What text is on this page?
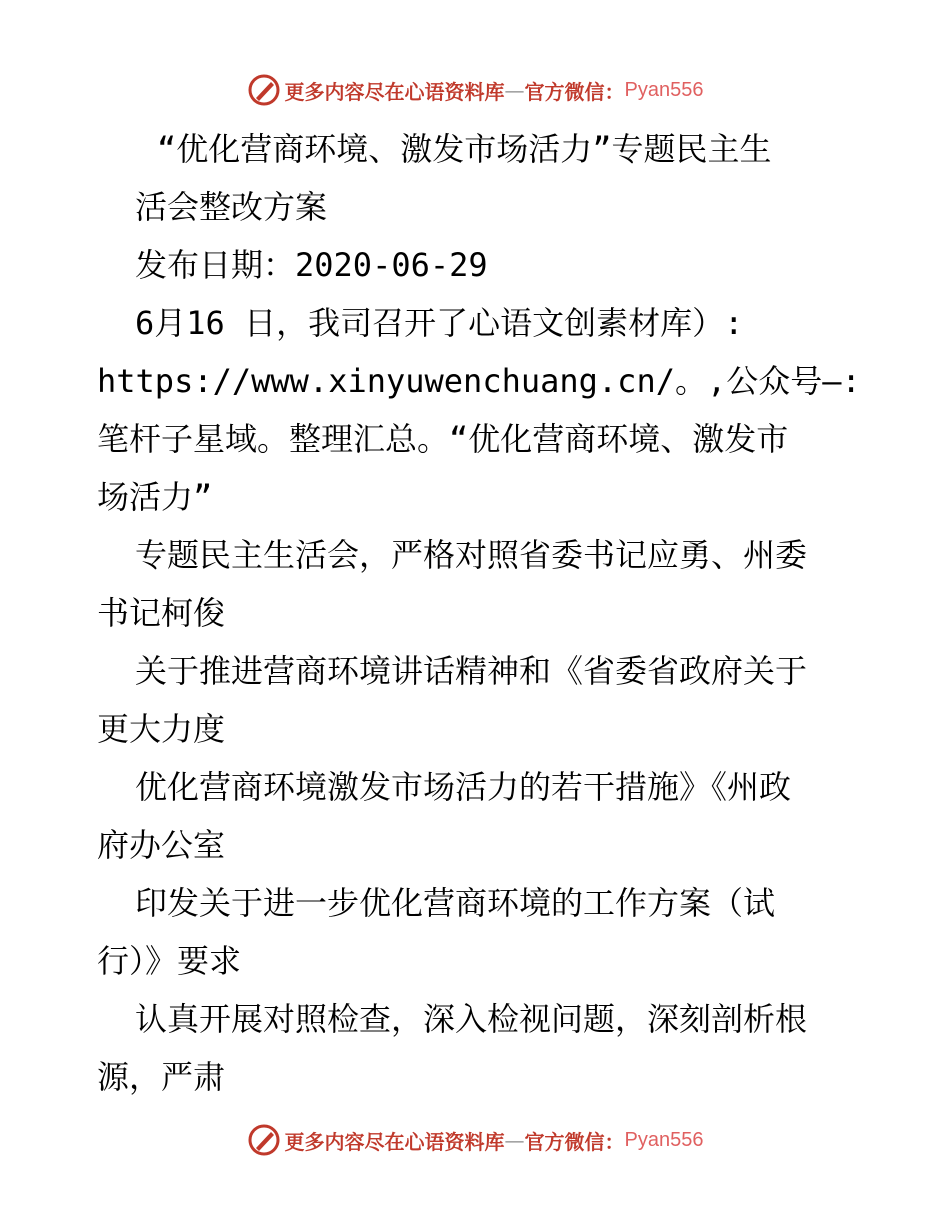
更多内容尽在心语资料库 — 官方微信： Pyan556
“优化营商环境、激发市场活力”专题民主生
活会整改方案
发布日期：2020-06-29
6月16 日，我司召开了心语文创素材库）:
https://www.xinyuwenchuang.cn/。,公众号—:
笔杆子星域。整理汇总。“优化营商环境、激发市
场活力”
专题民主生活会，严格对照省委书记应勇、州委
书记柯俊
关于推进营商环境讲话精神和《省委省政府关于
更大力度
优化营商环境激发市场活力的若干措施》《州政
府办公室
印发关于进一步优化营商环境的工作方案（试
行）》要求
认真开展对照检查，深入检视问题，深刻剖析根
源，严肃
更多内容尽在心语资料库 — 官方微信： Pyan556
